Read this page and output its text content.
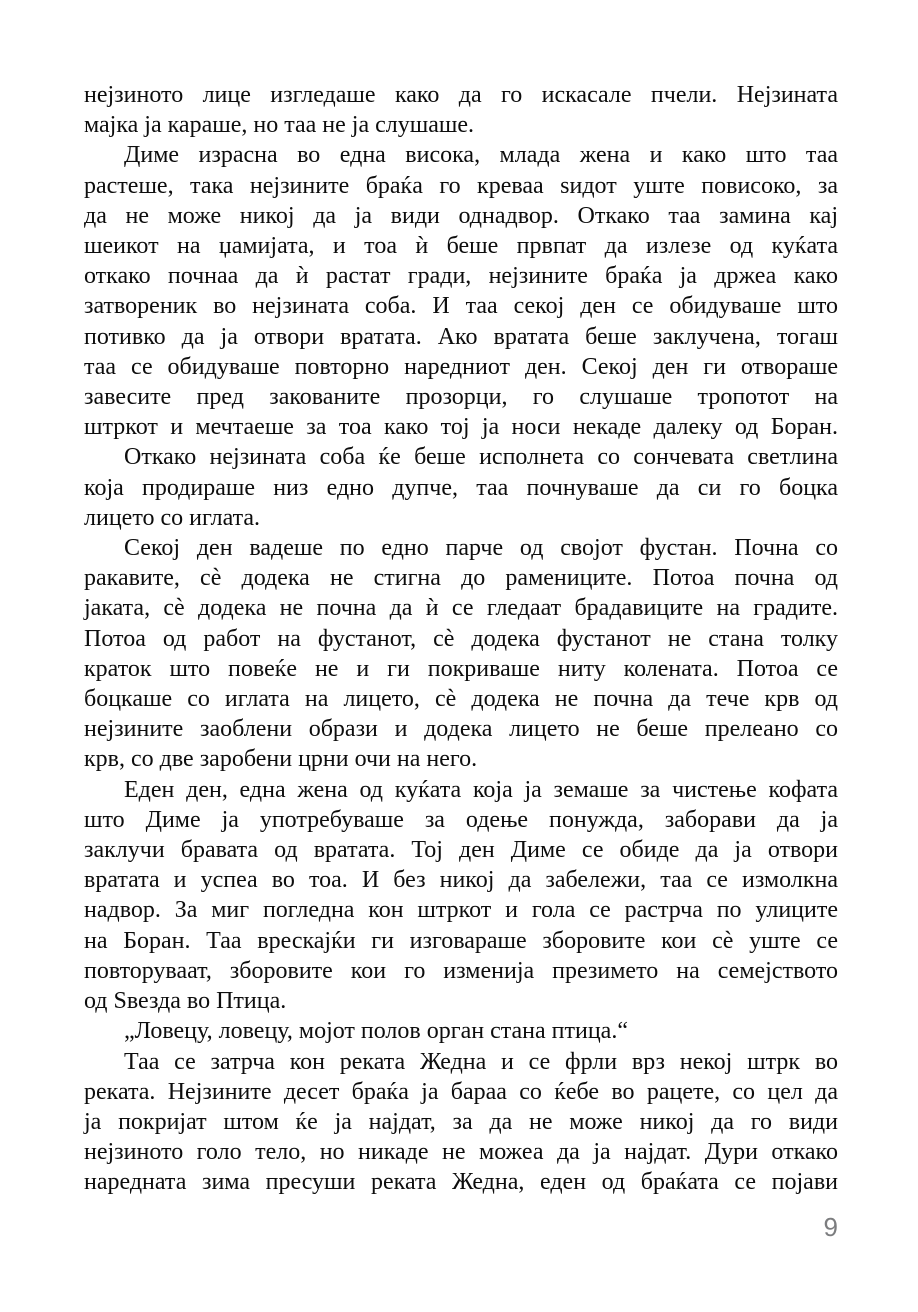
нејзиното лице изгледаше како да го искасале пчели. Нејзината
мајка ја караше, но таа не ја слушаше.
Диме израсна во една висока, млада жена и како што таа
растеше, така нејзините браќа го креваа ѕидот уште повисоко, за
да не може никој да ја види однадвор. Откако таа замина кај
шеикот на џамијата, и тоа ѝ беше првпат да излезе од куќата
откако почнаа да ѝ растат гради, нејзините браќа ја држеа како
затвореник во нејзината соба. И таа секој ден се обидуваше што
потивко да ја отвори вратата. Ако вратата беше заклучена, тогаш
таа се обидуваше повторно наредниот ден. Секој ден ги отвораше
завесите пред закованите прозорци, го слушаше тропотот на
штркот и мечтаеше за тоа како тој ја носи некаде далеку од Боран.
Откако нејзината соба ќе беше исполнета со сончевата светлина
која продираше низ едно дупче, таа почнуваше да си го боцка
лицето со иглата.
Секој ден вадеше по едно парче од својот фустан. Почна со
ракавите, сè додека не стигна до рамениците. Потоа почна од
јаката, сè додека не почна да ѝ се гледаат брадавиците на градите.
Потоа од работ на фустанот, сè додека фустанот не стана толку
краток што повеќе не и ги покриваше ниту колената. Потоа се
боцкаше со иглата на лицето, сè додека не почна да тече крв од
нејзините заоблени образи и додека лицето не беше прелеано со
крв, со две заробени црни очи на него.
Еден ден, една жена од куќата која ја земаше за чистење кофата
што Диме ја употребуваше за одење понужда, заборави да ја
заклучи бравата од вратата. Тој ден Диме се обиде да ја отвори
вратата и успеа во тоа. И без никој да забележи, таа се измолкна
надвор. За миг погледна кон штркот и гола се растрча по улиците
на Боран. Таа врескајќи ги изговараше зборовите кои сè уште се
повторуваат, зборовите кои го изменија презимето на семејството
од Ѕвезда во Птица.
„Ловецу, ловецу, мојот полов орган стана птица.“
Таа се затрча кон реката Жедна и се фрли врз некој штрк во
реката. Нејзините десет браќа ја бараа со ќебе во рацете, со цел да
ја покријат штом ќе ја најдат, за да не може никој да го види
нејзиното голо тело, но никаде не можеа да ја најдат. Дури откако
наредната зима пресуши реката Жедна, еден од браќата се појави
9
